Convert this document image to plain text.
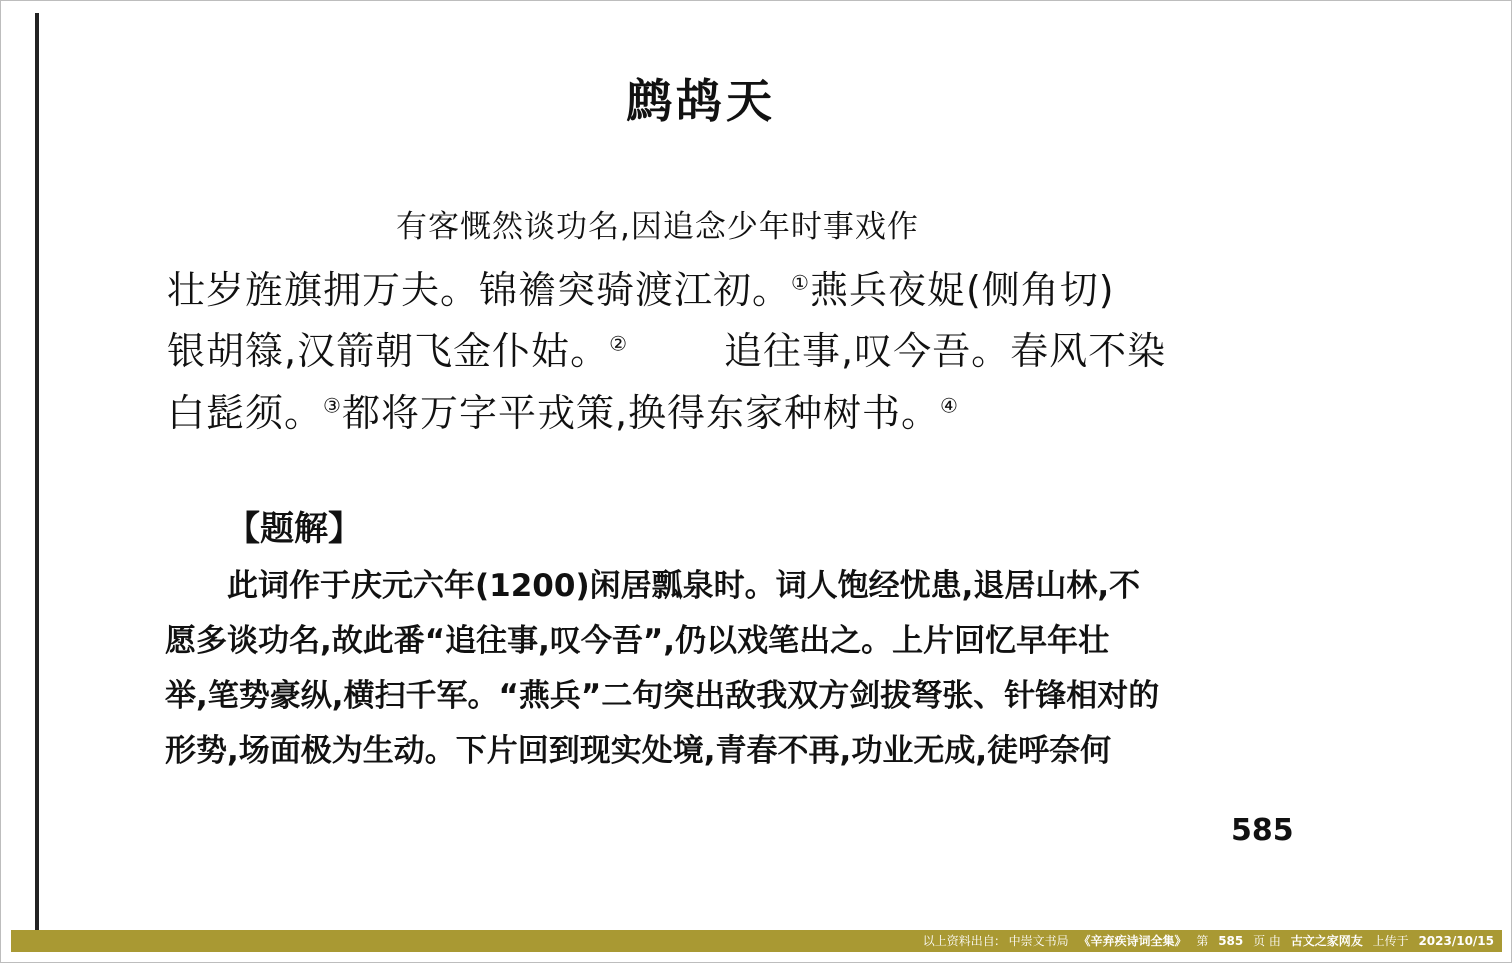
鹧鸪天
有客慨然谈功名,因追念少年时事戏作
壮岁旌旗拥万夫。锦襜突骑渡江初。①燕兵夜娖(侧角切)
银胡簶,汉箭朝飞金仆姑。②	追往事,叹今吾。春风不染
白髭须。③都将万字平戎策,换得东家种树书。④
【题解】
此词作于庆元六年(1200)闲居瓢泉时。词人饱经忧患,退居山林,不
愿多谈功名,故此番“追往事,叹今吾”,仍以戏笔出之。上片回忆早年壮
举,笔势豪纵,横扫千军。“燕兵”二句突出敌我双方剑拔弩张、针锋相对的
形势,场面极为生动。下片回到现实处境,青春不再,功业无成,徒呼奈何
585
以上资料出自: 中崇文书局 《辛弃疾诗词全集》 第 585 页 由 古文之家网友 上传于 2023/10/15
